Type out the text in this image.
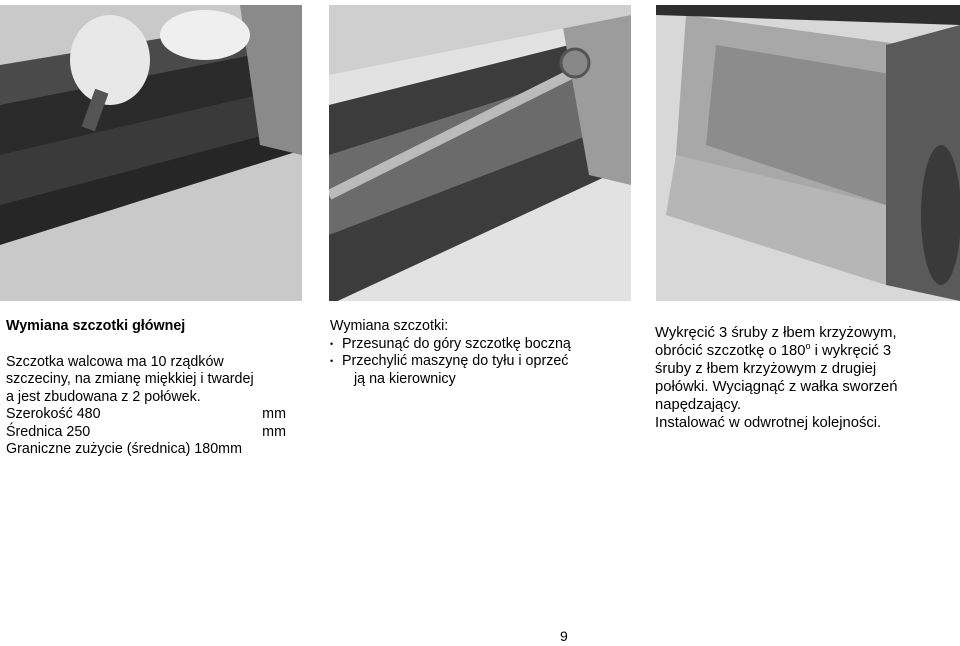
Wymiana szczotki głównej
Szczotka walcowa ma 10 rządków
szczeciny, na zmianę miękkiej i twardej
a jest zbudowana z 2 połówek.
Szerokość 480	mm
Średnica 250	mm
Graniczne zużycie (średnica) 180mm
Wymiana szczotki:
• Przesunąć do góry szczotkę boczną
• Przechylić maszynę do tyłu i oprzeć
ją na kierownicy
Wykręcić 3 śruby z łbem krzyżowym,
obrócić szczotkę o 180$^o$ i wykręcić 3
śruby z łbem krzyżowym z drugiej
połówki. Wyciągnąć z wałka sworzeń
napędzający.
Instalować w odwrotnej kolejności.
9
